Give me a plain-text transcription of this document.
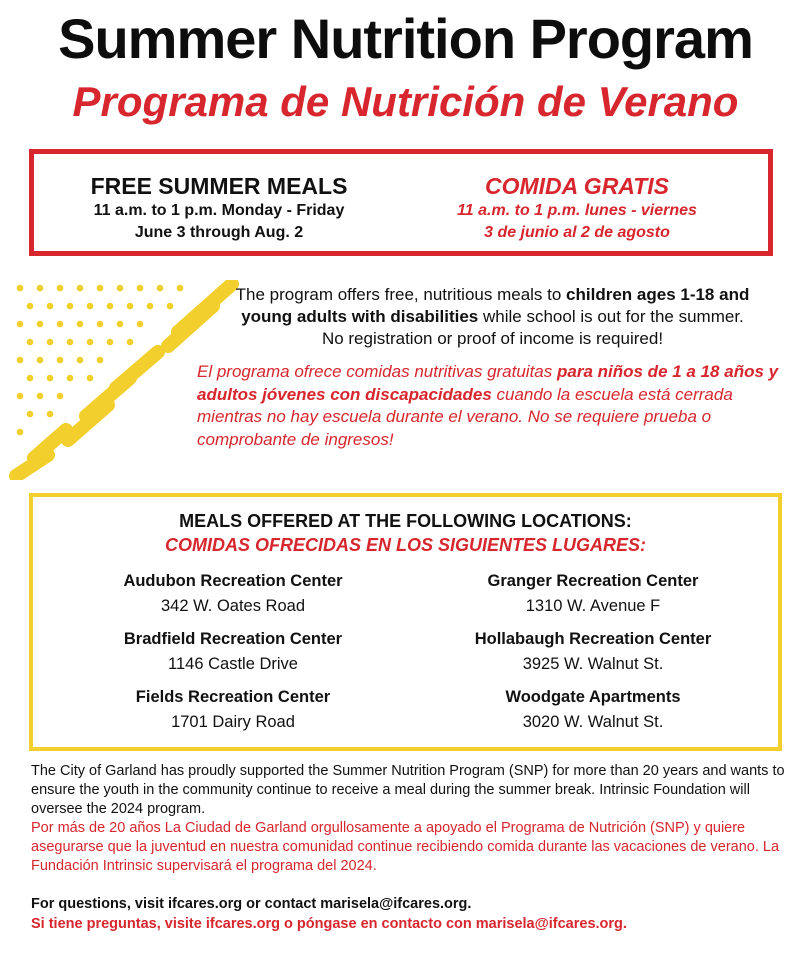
Summer Nutrition Program
Programa de Nutrición de Verano
FREE SUMMER MEALS
11 a.m. to 1 p.m. Monday - Friday
June 3 through Aug. 2
COMIDA GRATIS
11 a.m. to 1 p.m. lunes - viernes
3 de junio al 2 de agosto

The program offers free, nutritious meals to children ages 1-18 and

young adults with disabilities while school is out for the summer.

No registration or proof of income is required!

El programa ofrece comidas nutritivas gratuitas para niños de 1 a 18 años y adultos jóvenes con discapacidades cuando la escuela está cerrada mientras no hay escuela durante el verano. No se requiere prueba o comprobante de ingresos!
MEALS OFFERED AT THE FOLLOWING LOCATIONS:
COMIDAS OFRECIDAS EN LOS SIGUIENTES LUGARES:
Audubon Recreation Center
342 W. Oates Road
Granger Recreation Center
1310 W. Avenue F
Bradfield Recreation Center
1146 Castle Drive
Hollabaugh Recreation Center
3925 W. Walnut St.
Fields Recreation Center
1701 Dairy Road
Woodgate Apartments
3020 W. Walnut St.
The City of Garland has proudly supported the Summer Nutrition Program (SNP) for more than 20 years and wants to ensure the youth in the community continue to receive a meal during the summer break. Intrinsic Foundation will oversee the 2024 program.
Por más de 20 años La Ciudad de Garland orgullosamente a apoyado el Programa de Nutrición (SNP) y quiere asegurarse que la juventud en nuestra comunidad continue recibiendo comida durante las vacaciones de verano. La Fundación Intrinsic supervisará el programa del 2024.
For questions, visit ifcares.org or contact marisela@ifcares.org.
Si tiene preguntas, visite ifcares.org o póngase en contacto con marisela@ifcares.org.
